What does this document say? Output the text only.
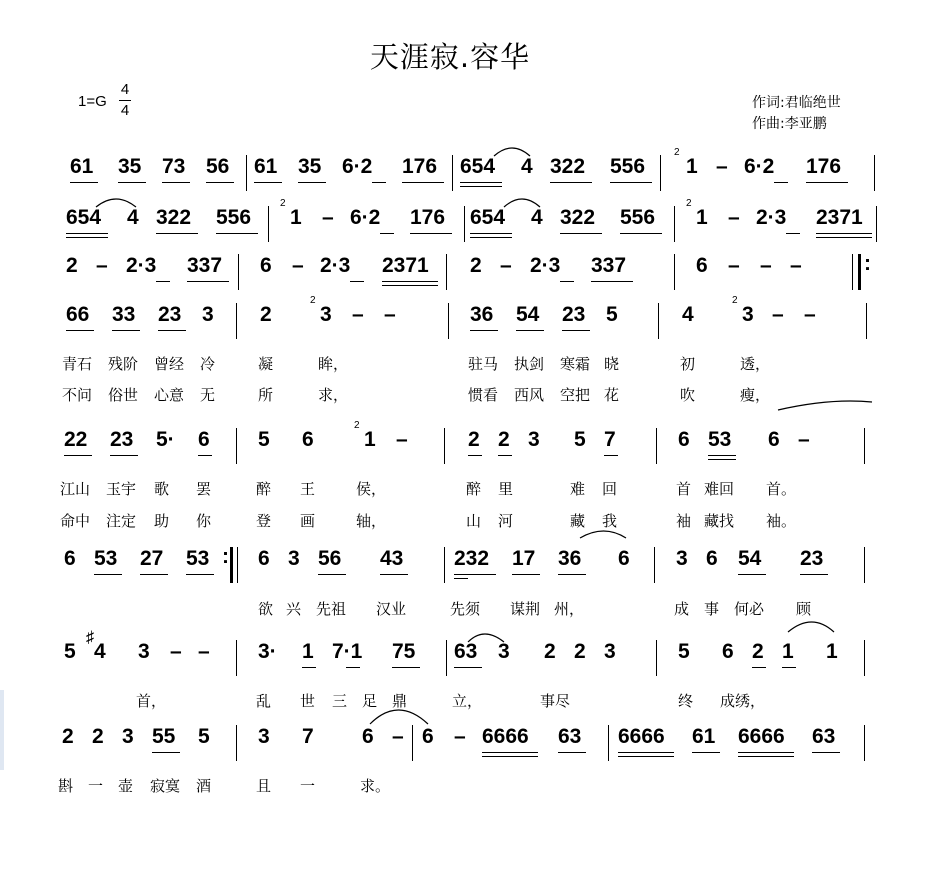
天涯寂.容华
1=G
4
4	作词:君临绝世
作曲:李亚鹏
61 35 73 56 61 35 6·2 176 654 4 322 556
2
1 – 6·2 176
654 4 322 556
2
1 – 6·2 176 654 4 322 556
2
1 – 2·3 2371
2 – 2·3 337 6 – 2·3 2371 2 – 2·3 337	6 – – –	:
66 33 23 3 2
2
3 – –	36 54 23 5	4
2
3 – –
青石 残阶 曾经 冷	凝	眸，	驻马 执剑 寒霜 晓	初	透，
不问 俗世 心意 无	所	求，	惯看 西风 空把 花	吹	瘦，
22 23 5· 6 5 6
2
1 –	2 2 3 5 7	6 53 6 –
江山 玉宇 歌 罢	醉 王	侯，	醉 里	难 回	首 难回 首。
命中 注定 助 你	登 画	轴，	山 河	藏 我	袖 藏找 袖。
6 53 27 53 : 6 3 56 43 232 17 36 6 3 6 54 23
欲 兴 先祖 汉业	先须 谋荆 州，	成 事 何必 顾
5
♯
4 3 – – 3· 1 7·1 75 63 3 2 2 3	5 6 2 1 1
首，	乱 世 三 足 鼎	立，	事尽	终 成绣，
2 2 3 55 5 3 7 6 – 6 – 6666 63 6666 61 6666 63
斟 一 壶 寂寞 酒	且 一	求。
